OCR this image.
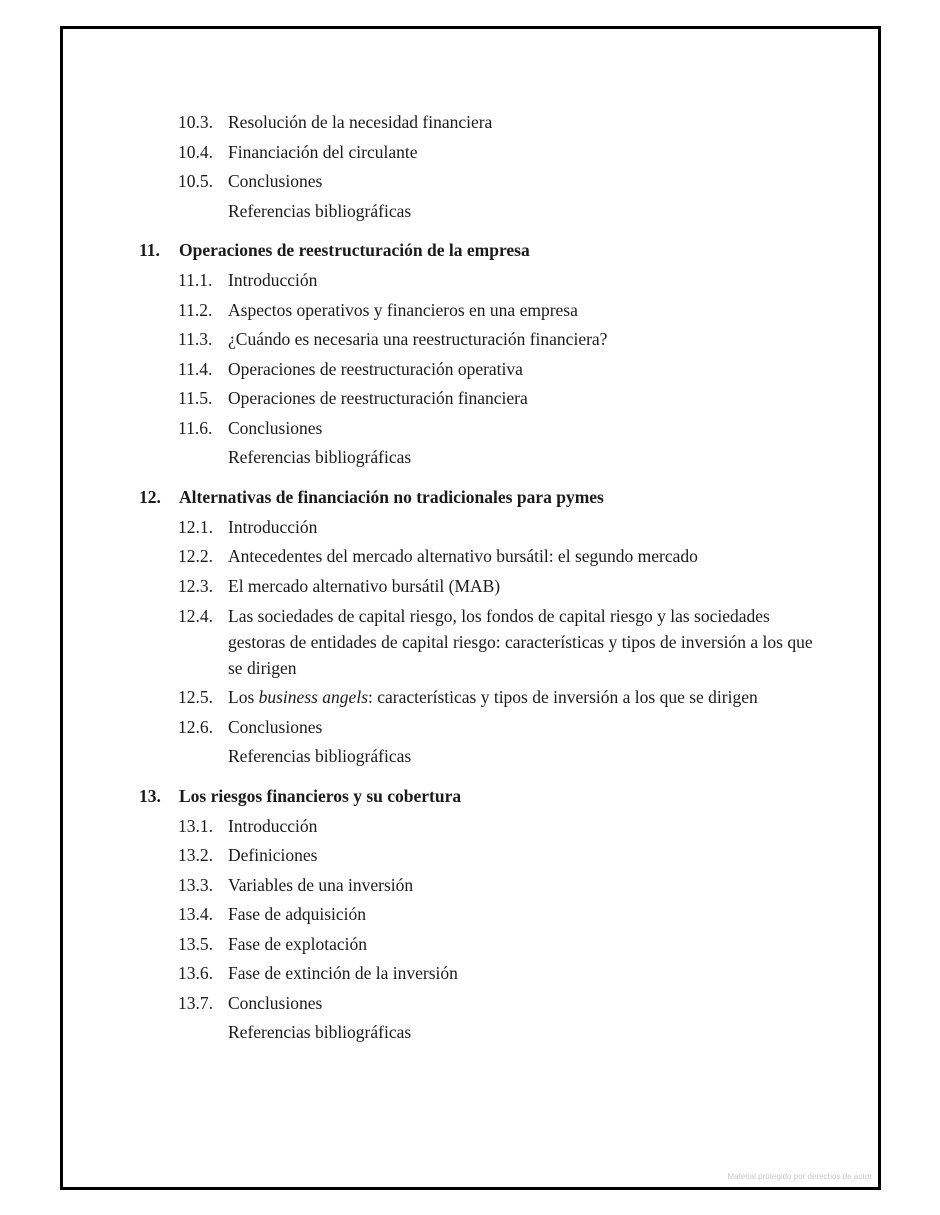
10.3. Resolución de la necesidad financiera
10.4. Financiación del circulante
10.5. Conclusiones
Referencias bibliográficas
11. Operaciones de reestructuración de la empresa
11.1. Introducción
11.2. Aspectos operativos y financieros en una empresa
11.3. ¿Cuándo es necesaria una reestructuración financiera?
11.4. Operaciones de reestructuración operativa
11.5. Operaciones de reestructuración financiera
11.6. Conclusiones
Referencias bibliográficas
12. Alternativas de financiación no tradicionales para pymes
12.1. Introducción
12.2. Antecedentes del mercado alternativo bursátil: el segundo mercado
12.3. El mercado alternativo bursátil (MAB)
12.4. Las sociedades de capital riesgo, los fondos de capital riesgo y las sociedades gestoras de entidades de capital riesgo: características y tipos de inversión a los que se dirigen
12.5. Los business angels: características y tipos de inversión a los que se dirigen
12.6. Conclusiones
Referencias bibliográficas
13. Los riesgos financieros y su cobertura
13.1. Introducción
13.2. Definiciones
13.3. Variables de una inversión
13.4. Fase de adquisición
13.5. Fase de explotación
13.6. Fase de extinción de la inversión
13.7. Conclusiones
Referencias bibliográficas
Material protegido por derechos de autor
